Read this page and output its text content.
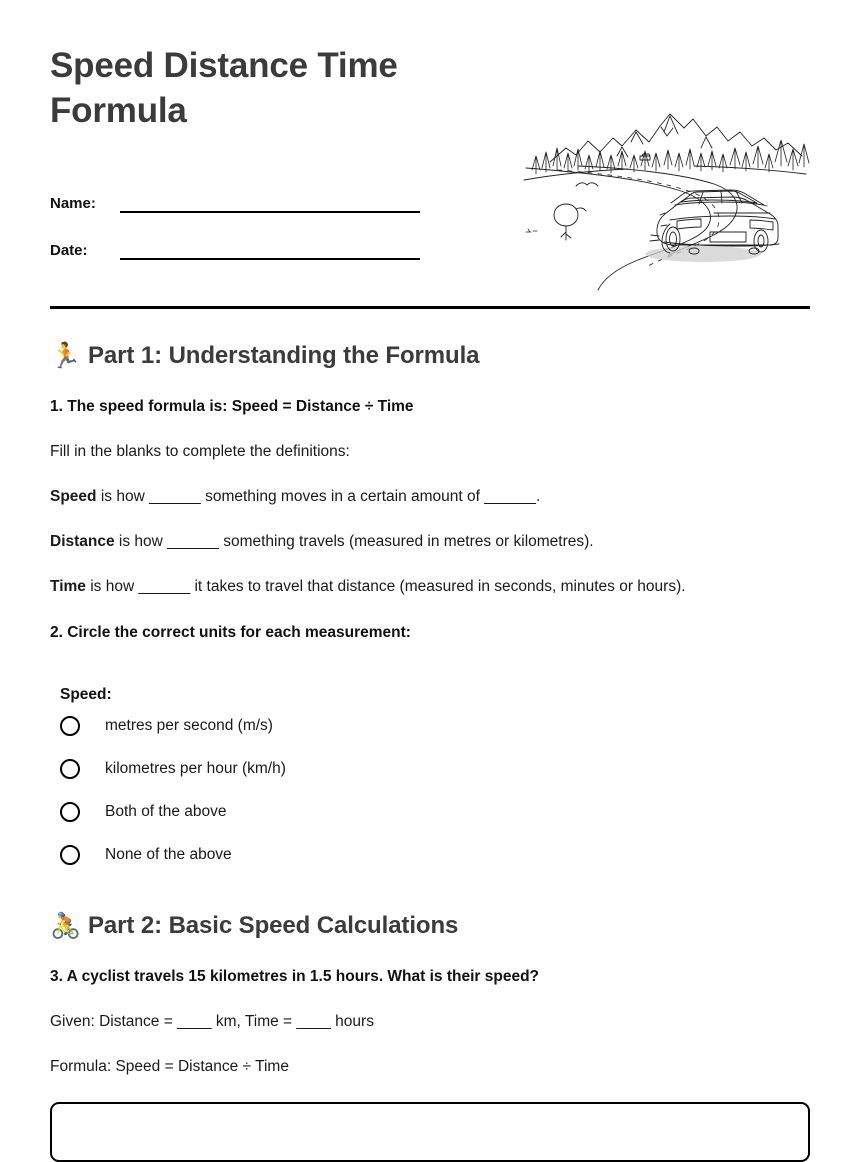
Speed Distance Time Formula
Name:
Date:
🏃 Part 1: Understanding the Formula
1. The speed formula is: Speed = Distance ÷ Time
Fill in the blanks to complete the definitions:
Speed is how ______ something moves in a certain amount of ______.
Distance is how ______ something travels (measured in metres or kilometres).
Time is how ______ it takes to travel that distance (measured in seconds, minutes or hours).
2. Circle the correct units for each measurement:
Speed:
metres per second (m/s)
kilometres per hour (km/h)
Both of the above
None of the above
🚴 Part 2: Basic Speed Calculations
3. A cyclist travels 15 kilometres in 1.5 hours. What is their speed?
Given: Distance = ____ km, Time = ____ hours
Formula: Speed = Distance ÷ Time
